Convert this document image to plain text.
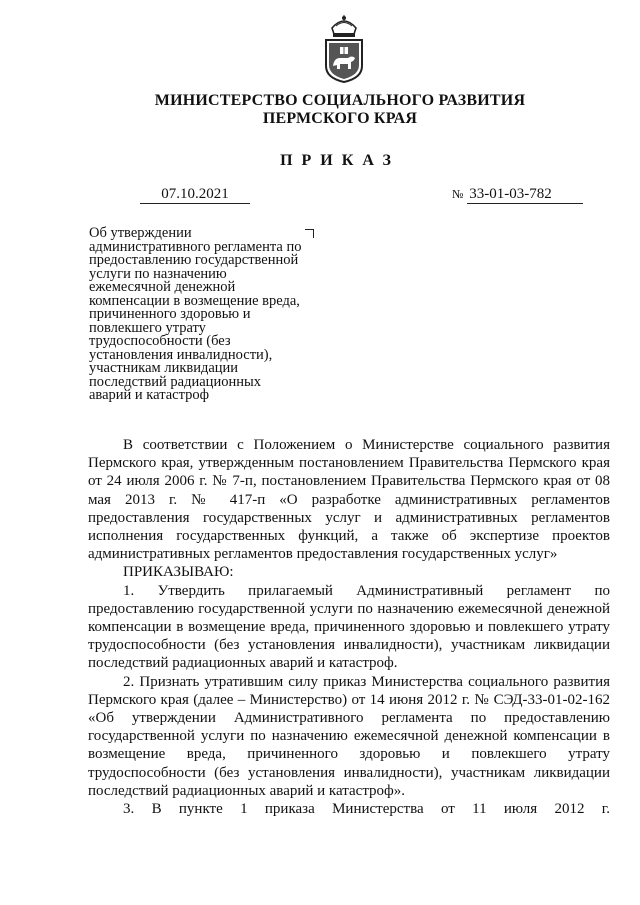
МИНИСТЕРСТВО СОЦИАЛЬНОГО РАЗВИТИЯ
ПЕРМСКОГО КРАЯ
ПРИКАЗ
07.10.2021	№ 33-01-03-782
Об утверждении
административного регламента по
предоставлению государственной
услуги по назначению
ежемесячной денежной
компенсации в возмещение вреда,
причиненного здоровью и
повлекшего утрату
трудоспособности (без
установления инвалидности),
участникам ликвидации
последствий радиационных
аварий и катастроф

В соответствии с Положением о Министерстве социального развития Пермского края, утвержденным постановлением Правительства Пермского края от 24 июля 2006 г. № 7-п, постановлением Правительства Пермского края от 08 мая 2013 г. № 417-п «О разработке административных регламентов предоставления государственных услуг и административных регламентов исполнения государственных функций, а также об экспертизе проектов административных регламентов предоставления государственных услуг»

ПРИКАЗЫВАЮ:

1. Утвердить прилагаемый Административный регламент по предоставлению государственной услуги по назначению ежемесячной денежной компенсации в возмещение вреда, причиненного здоровью и повлекшего утрату трудоспособности (без установления инвалидности), участникам ликвидации последствий радиационных аварий и катастроф.

2. Признать утратившим силу приказ Министерства социального развития Пермского края (далее – Министерство) от 14 июня 2012 г. № СЭД-33-01-02-162 «Об утверждении Административного регламента по предоставлению государственной услуги по назначению ежемесячной денежной компенсации в возмещение вреда, причиненного здоровью и повлекшего утрату трудоспособности (без установления инвалидности), участникам ликвидации последствий радиационных аварий и катастроф».

3. В пункте 1 приказа Министерства от 11 июля 2012 г.
